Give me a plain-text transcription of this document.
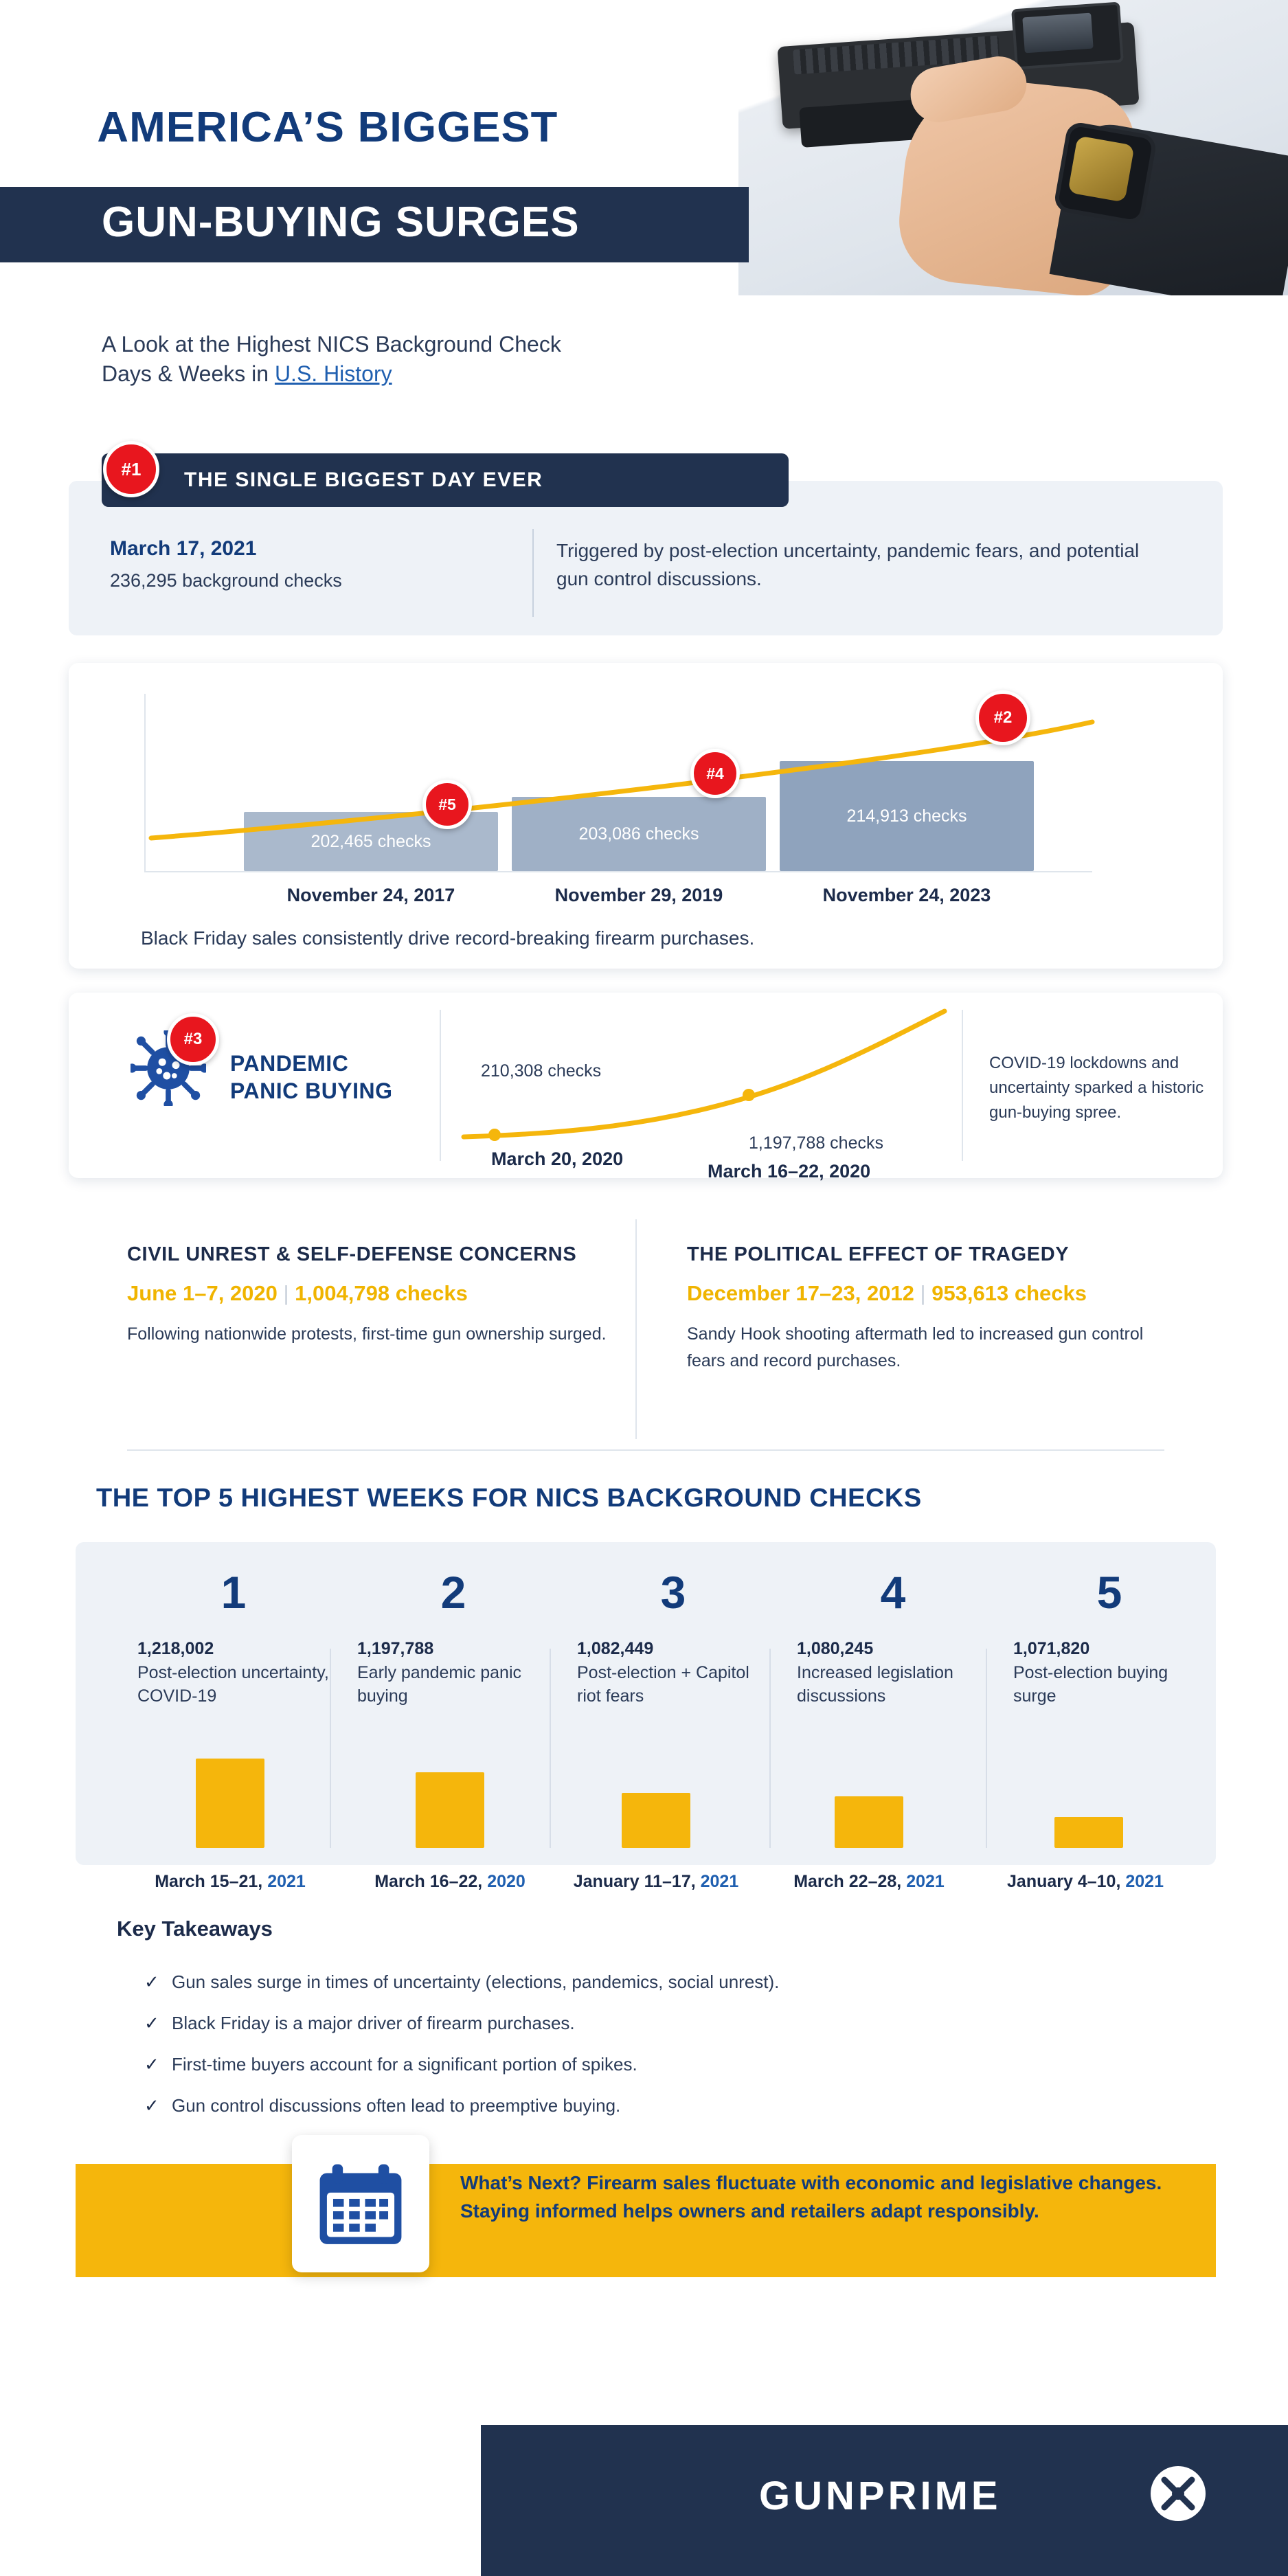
AMERICA’S BIGGEST
GUN-BUYING SURGES
A Look at the Highest NICS Background Check
Days & Weeks in U.S. History
THE SINGLE BIGGEST DAY EVER
#1
March 17, 2021
236,295 background checks
Triggered by post-election uncertainty, pandemic fears, and potential gun control discussions.
202,465 checks	203,086 checks
214,913 checks
#5
#4
#2
November 24, 2017	November 29, 2019	November 24, 2023
Black Friday sales consistently drive record-breaking firearm purchases.
#3
PANDEMIC
PANIC BUYING
210,308 checks
1,197,788 checks
March 20, 2020
March 16–22, 2020
COVID-19 lockdowns and uncertainty sparked a historic gun-buying spree.
CIVIL UNREST & SELF-DEFENSE CONCERNS
June 1–7, 2020 | 1,004,798 checks
Following nationwide protests, first-time gun ownership surged.
THE POLITICAL EFFECT OF TRAGEDY
December 17–23, 2012 | 953,613 checks
Sandy Hook shooting aftermath led to increased gun control fears and record purchases.
THE TOP 5 HIGHEST WEEKS FOR NICS BACKGROUND CHECKS
1
1,218,002
Post-election uncertainty, COVID-19
2
1,197,788
Early pandemic panic buying
3
1,082,449
Post-election + Capitol riot fears
4
1,080,245
Increased legislation discussions
5
1,071,820
Post-election buying surge
March 15–21, 2021	March 16–22, 2020	January 11–17, 2021	March 22–28, 2021	January 4–10, 2021
Key Takeaways
✓ Gun sales surge in times of uncertainty (elections, pandemics, social unrest).
✓ Black Friday is a major driver of firearm purchases.
✓ First-time buyers account for a significant portion of spikes.
✓ Gun control discussions often lead to preemptive buying.
What’s Next? Firearm sales fluctuate with economic and legislative changes. Staying informed helps owners and retailers adapt responsibly.
GUNPRIME
